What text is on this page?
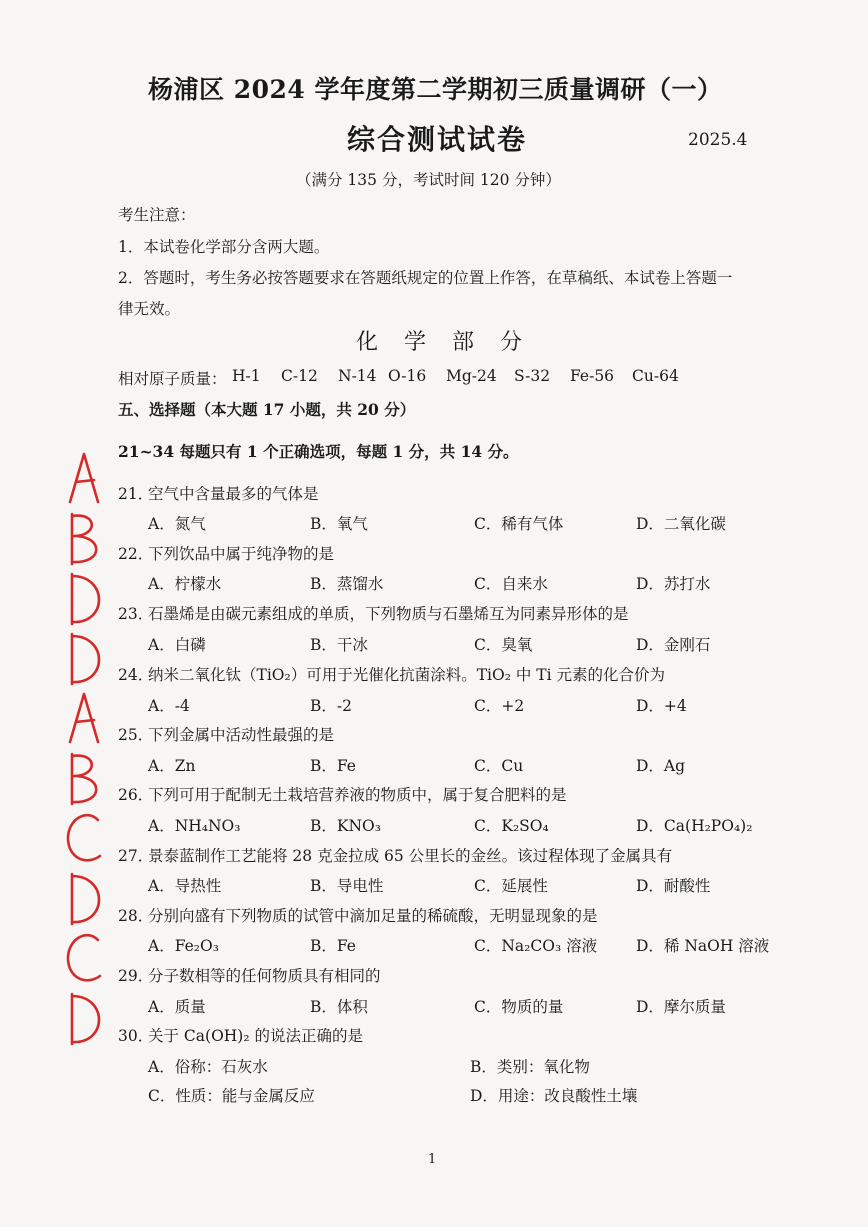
杨浦区 2024 学年度第二学期初三质量调研（一）
综合测试试卷	2025.4
（满分 135 分，考试时间 120 分钟）
考生注意：
1．本试卷化学部分含两大题。
2．答题时，考生务必按答题要求在答题纸规定的位置上作答，在草稿纸、本试卷上答题一
律无效。
化学部分
相对原子质量： H-1 C-12 N-14 O-16 Mg-24 S-32 Fe-56 Cu-64
五、选择题（本大题 17 小题，共 20 分）
21~34 每题只有 1 个正确选项，每题 1 分，共 14 分。
21．
空气中含量最多的气体是
A．氮气	B．氧气	C．稀有气体	D．二氧化碳
22．
下列饮品中属于纯净物的是
A．柠檬水	B．蒸馏水	C．自来水	D．苏打水
23．
石墨烯是由碳元素组成的单质，下列物质与石墨烯互为同素异形体的是
A．白磷	B．干冰	C．臭氧	D．金刚石
24．
纳米二氧化钛（TiO₂）可用于光催化抗菌涂料。TiO₂ 中 Ti 元素的化合价为
A．-4	B．-2	C．+2	D．+4
25．
下列金属中活动性最强的是
A．Zn	B．Fe	C．Cu	D．Ag
26．
下列可用于配制无土栽培营养液的物质中，属于复合肥料的是
A．NH₄NO₃	B．KNO₃	C．K₂SO₄	D．Ca(H₂PO₄)₂
27．
景泰蓝制作工艺能将 28 克金拉成 65 公里长的金丝。该过程体现了金属具有
A．导热性	B．导电性	C．延展性	D．耐酸性
28．
分别向盛有下列物质的试管中滴加足量的稀硫酸，无明显现象的是
A．Fe₂O₃	B．Fe	C．Na₂CO₃ 溶液	D．稀 NaOH 溶液
29．
分子数相等的任何物质具有相同的
A．质量	B．体积	C．物质的量	D．摩尔质量
30．
关于 Ca(OH)₂ 的说法正确的是
A．俗称：石灰水	B．类别：氧化物
C．性质：能与金属反应	D．用途：改良酸性土壤
1
